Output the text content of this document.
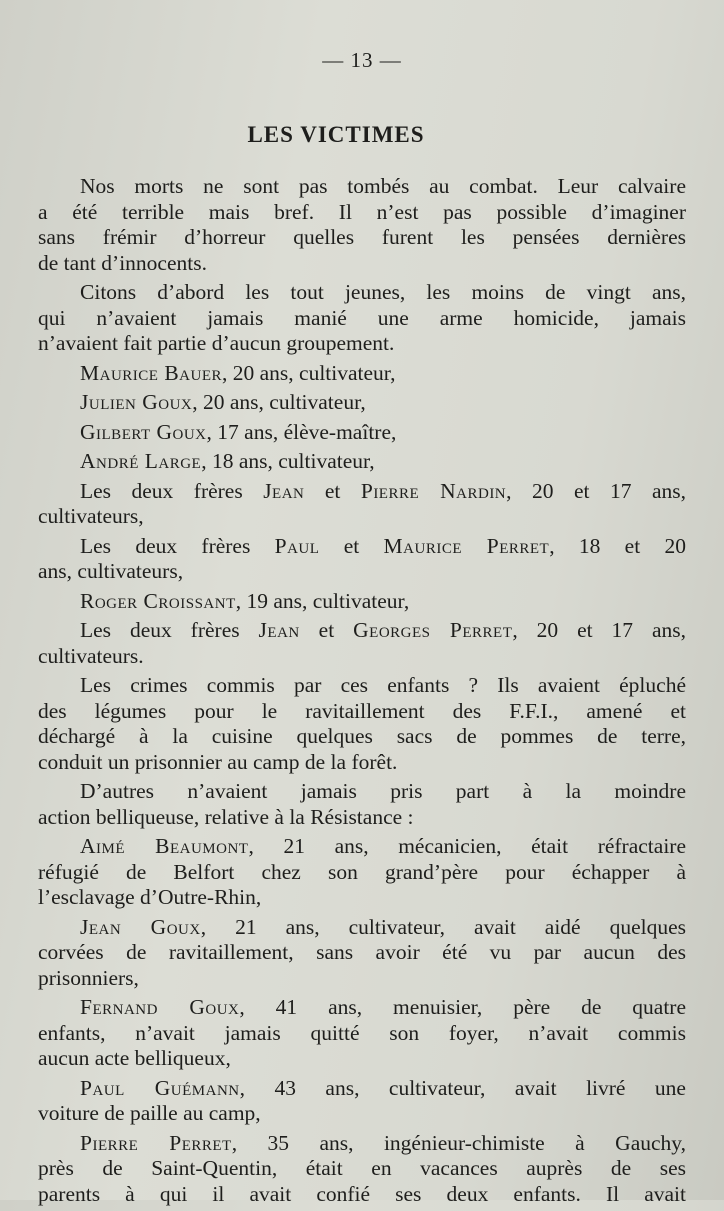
— 13 —
LES VICTIMES
Nos morts ne sont pas tombés au combat. Leur calvaire
a été terrible mais bref. Il n’est pas possible d’imaginer
sans frémir d’horreur quelles furent les pensées dernières
de tant d’innocents.
Citons d’abord les tout jeunes, les moins de vingt ans,
qui n’avaient jamais manié une arme homicide, jamais
n’avaient fait partie d’aucun groupement.
Maurice Bauer , 20 ans, cultivateur,
Julien Goux , 20 ans, cultivateur,
Gilbert Goux , 17 ans, élève-maître,
André Large , 18 ans, cultivateur,
Les deux frères Jean et Pierre Nardin, 20 et 17 ans,
cultivateurs,
Les deux frères Paul et Maurice Perret, 18 et 20
ans, cultivateurs,
Roger Croissant , 19 ans, cultivateur,
Les deux frères Jean et Georges Perret, 20 et 17 ans,
cultivateurs.
Les crimes commis par ces enfants ? Ils avaient épluché
des légumes pour le ravitaillement des F.F.I., amené et
déchargé à la cuisine quelques sacs de pommes de terre,
conduit un prisonnier au camp de la forêt.
D’autres n’avaient jamais pris part à la moindre
action belliqueuse, relative à la Résistance :
Aimé Beaumont, 21 ans, mécanicien, était réfractaire
réfugié de Belfort chez son grand’père pour échapper à
l’esclavage d’Outre-Rhin,
Jean Goux, 21 ans, cultivateur, avait aidé quelques
corvées de ravitaillement, sans avoir été vu par aucun des
prisonniers,
Fernand Goux, 41 ans, menuisier, père de quatre
enfants, n’avait jamais quitté son foyer, n’avait commis
aucun acte belliqueux,
Paul Guémann, 43 ans, cultivateur, avait livré une
voiture de paille au camp,
Pierre Perret, 35 ans, ingénieur-chimiste à Gauchy,
près de Saint-Quentin, était en vacances auprès de ses
parents à qui il avait confié ses deux enfants. Il avait
